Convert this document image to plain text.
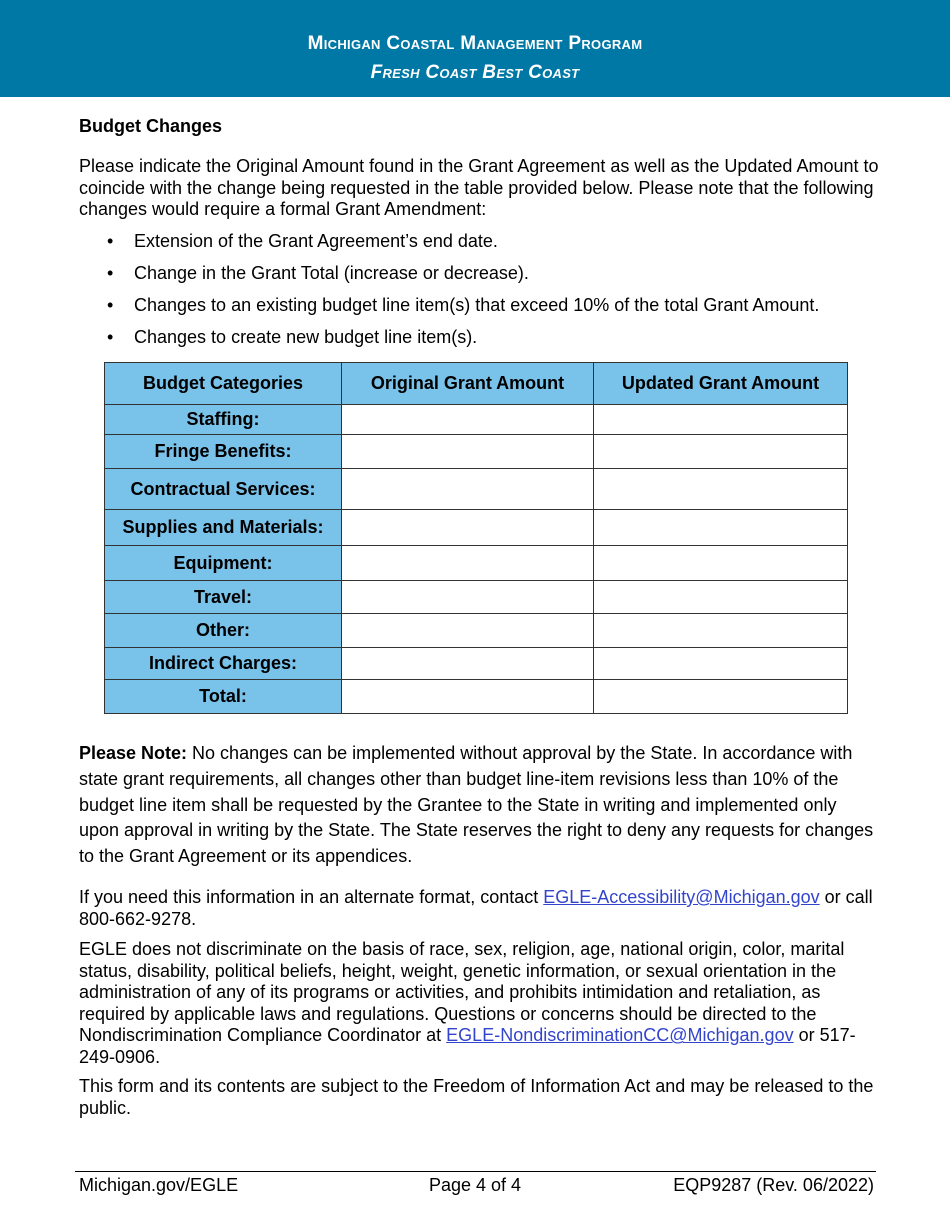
Michigan Coastal Management Program
Fresh Coast Best Coast
Budget Changes

Please indicate the Original Amount found in the Grant Agreement as well as the Updated Amount to coincide with the change being requested in the table provided below. Please note that the following changes would require a formal Grant Amendment:

• Extension of the Grant Agreement’s end date.
• Change in the Grant Total (increase or decrease).
• Changes to an existing budget line item(s) that exceed 10% of the total Grant Amount.
• Changes to create new budget line item(s).
Budget Categories	Original Grant Amount	Updated Grant Amount
Staffing:		
Fringe Benefits:		
Contractual Services:		
Supplies and Materials:		
Equipment:		
Travel:		
Other:		
Indirect Charges:		
Total:		

Please Note: No changes can be implemented without approval by the State. In accordance with state grant requirements, all changes other than budget line-item revisions less than 10% of the budget line item shall be requested by the Grantee to the State in writing and implemented only upon approval in writing by the State. The State reserves the right to deny any requests for changes to the Grant Agreement or its appendices.

If you need this information in an alternate format, contact EGLE-Accessibility@Michigan.gov or call 800-662-9278.

EGLE does not discriminate on the basis of race, sex, religion, age, national origin, color, marital status, disability, political beliefs, height, weight, genetic information, or sexual orientation in the administration of any of its programs or activities, and prohibits intimidation and retaliation, as required by applicable laws and regulations. Questions or concerns should be directed to the Nondiscrimination Compliance Coordinator at EGLE-NondiscriminationCC@Michigan.gov or 517-249-0906.

This form and its contents are subject to the Freedom of Information Act and may be released to the public.

Michigan.gov/EGLE	Page 4 of 4	EQP9287 (Rev. 06/2022)
